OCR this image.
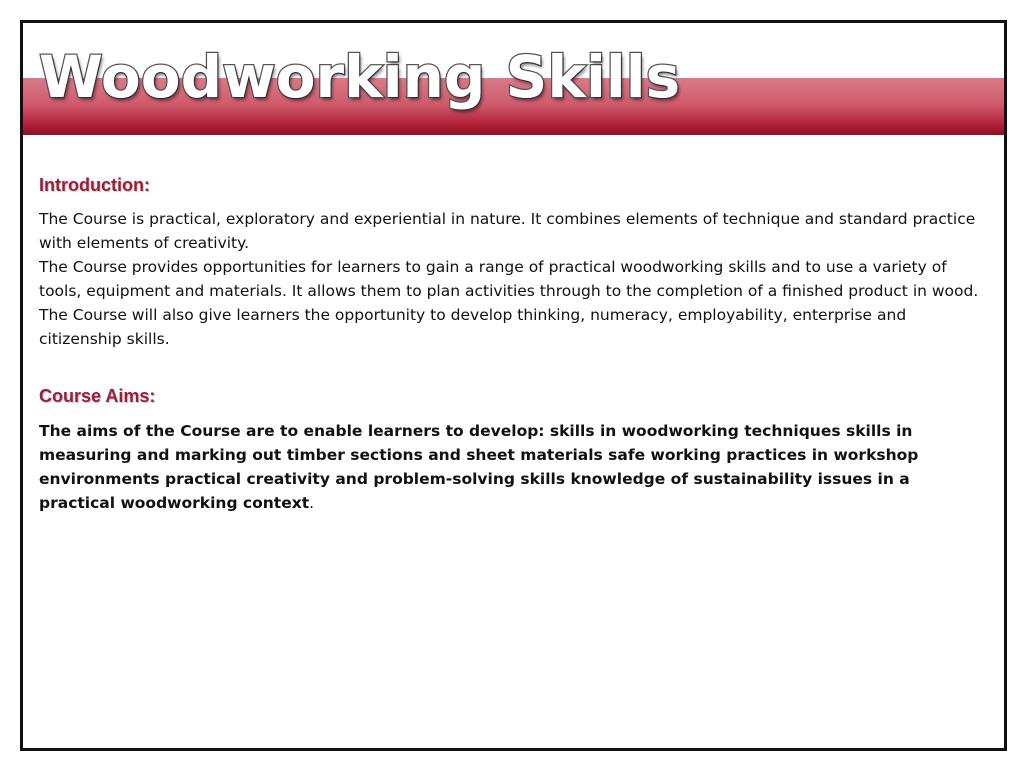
Woodworking Skills
Introduction:

The Course is practical, exploratory and experiential in nature. It combines elements of technique and standard practice with elements of creativity.

The Course provides opportunities for learners to gain a range of practical woodworking skills and to use a variety of tools, equipment and materials. It allows them to plan activities through to the completion of a finished product in wood.

The Course will also give learners the opportunity to develop thinking, numeracy, employability, enterprise and citizenship skills.

Course Aims:

The aims of the Course are to enable learners to develop: skills in woodworking techniques skills in measuring and marking out timber sections and sheet materials safe working practices in workshop environments practical creativity and problem-solving skills knowledge of sustainability issues in a practical woodworking context.
